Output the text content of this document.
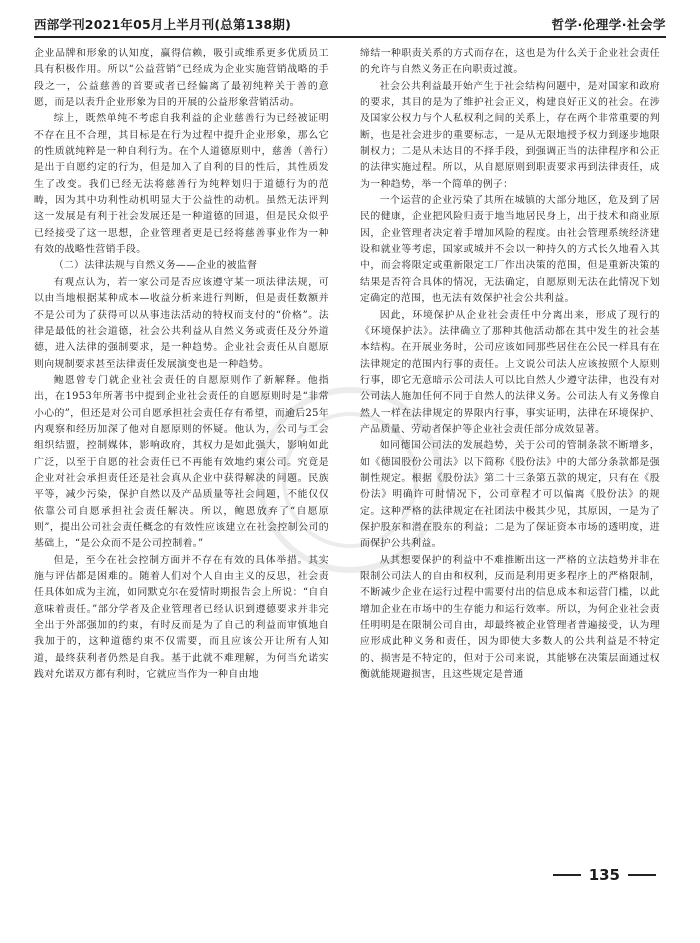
西部学刊2021年05月上半月刊(总第138期)	哲学·伦理学·社会学

企业品牌和形象的认知度，赢得信赖，吸引或维系更多优质员工具有积极作用。所以“公益营销”已经成为企业实施营销战略的手段之一，公益慈善的首要或者已经偏离了最初纯粹关于善的意愿，而是以表升企业形象为目的开展的公益形象营销活动。

综上，既然单纯不考虑自我利益的企业慈善行为已经被证明不存在且不合理，其目标是在行为过程中提升企业形象，那么它的性质就纯粹是一种自利行为。在个人道德原则中，慈善（善行）是出于自愿约定的行为，但是加入了自利的目的性后，其性质发生了改变。我们已经无法将慈善行为纯粹划归于道德行为的范畴，因为其中功利性动机明显大于公益性的动机。虽然无法评判这一发展是有利于社会发展还是一种道德的回退，但是民众似乎已经接受了这一思想，企业管理者更是已经将慈善事业作为一种有效的战略性营销手段。

（二）法律法规与自然义务——企业的被监督

有观点认为，若一家公司是否应该遵守某一项法律法规，可以由当地根据某种成本—收益分析来进行判断，但是责任数额并不是公司为了获得可以从事违法活动的特权而支付的“价格”。法律是最低的社会道德，社会公共利益从自然义务或责任及分外道德，进入法律的强制要求，是一种趋势。企业社会责任从自愿原则向规制要求甚至法律责任发展演变也是一种趋势。

鲍恩曾专门就企业社会责任的自愿原则作了新解释。他指出，在1953年所著书中提到企业社会责任的自愿原则时是“非常小心的”，但还是对公司自愿承担社会责任存有希望，而逾后25年内观察和经历加深了他对自愿原则的怀疑。他认为，公司与工会组织结盟，控制媒体，影响政府，其权力是如此强大，影响如此广泛，以至于自愿的社会责任已不再能有效地约束公司。究竟是企业对社会承担责任还是社会真从企业中获得解决的问题。民族平等，减少污染，保护自然以及产品质量等社会问题，不能仅仅依靠公司自愿承担社会责任解决。所以，鲍恩放弃了“自愿原则”，提出公司社会责任概念的有效性应该建立在社会控制公司的基础上，“是公众而不是公司控制着。”

但是，至今在社会控制方面并不存在有效的具体举措。其实施与评估都是困难的。随着人们对个人自由主义的反思，社会责任具体如成为主流，如同默克尔在爱情时期报告会上所说：“自自意味着责任。”部分学者及企业管理者已经认识到遵德要求并非完全出于外部强加的约束，有时反而是为了自己的利益而审慎地自我加于的，这种道德约束不仅需要，而且应该公开让所有人知道，最终获利者仍然是自我。基于此就不难理解，为何当允诺实践对允诺双方都有利时，它就应当作为一种自由地

缔结一种职责关系的方式而存在，这也是为什么关于企业社会责任的允许与自然义务正在向职责过渡。

社会公共利益最开始产生于社会结构问题中，是对国家和政府的要求，其目的是为了维护社会正义，构建良好正义的社会。在涉及国家公权力与个人私权利之间的关系上，存在两个非常重要的判断，也是社会进步的重要标志，一是从无限地授予权力到逐步地限制权力；二是从未达目的不择手段，到强调正当的法律程序和公正的法律实施过程。所以，从自愿原则到职责要求再到法律责任，成为一种趋势，举一个简单的例子：

一个运营的企业污染了其所在城镇的大部分地区，危及到了居民的健康，企业把风险归责于地当地居民身上，出于技术和商业原因，企业管理者决定着手增加风险的程度。由社会管理系统经济建设和就业等考虑，国家或城并不会以一种持久的方式长久地看入其中，而会将限定或重新限定工厂作出决策的范围，但是重新决策的结果是否符合具体的情况，无法确定，自愿原则无法在此情况下划定确定的范围，也无法有效保护社会公共利益。

因此，环境保护从企业社会责任中分离出来，形成了现行的《环境保护法》。法律确立了那种其他活动都在其中发生的社会基本结构。在开展业务时，公司应该如同那些居住在公民一样具有在法律规定的范围内行事的责任。上文说公司法人应该按照个人原则行事，即它无意暗示公司法人可以比自然人少遵守法律，也没有对公司法人施加任何不同于自然人的法律义务。公司法人有义务像自然人一样在法律规定的界限内行事，事实证明，法律在环境保护、产品质量、劳动者保护等企业社会责任部分成效显著。

如同德国公司法的发展趋势，关于公司的管制条款不断增多，如《德国股份公司法》以下简称《股份法》中的大部分条款都是强制性规定。根据《股份法》第二十三条第五款的规定，只有在《股份法》明确许可时情况下，公司章程才可以偏离《股份法》的规定。这种严格的法律规定在社团法中极其少见，其原因，一是为了保护股东和潜在股东的利益；二是为了保证资本市场的透明度，进而保护公共利益。

从其想要保护的利益中不难推断出这一严格的立法趋势并非在限制公司法人的自由和权利，反而是利用更多程序上的严格限制，不断减少企业在运行过程中需要付出的信息成本和运营门槛，以此增加企业在市场中的生存能力和运行效率。所以，为何企业社会责任明明是在限制公司自由，却最终被企业管理者普遍接受，认为理应形成此种义务和责任，因为即使大多数人的公共利益是不特定的、损害是不特定的，但对于公司来说，其能够在决策层面通过权衡就能规避损害，且这些规定是普通

135
